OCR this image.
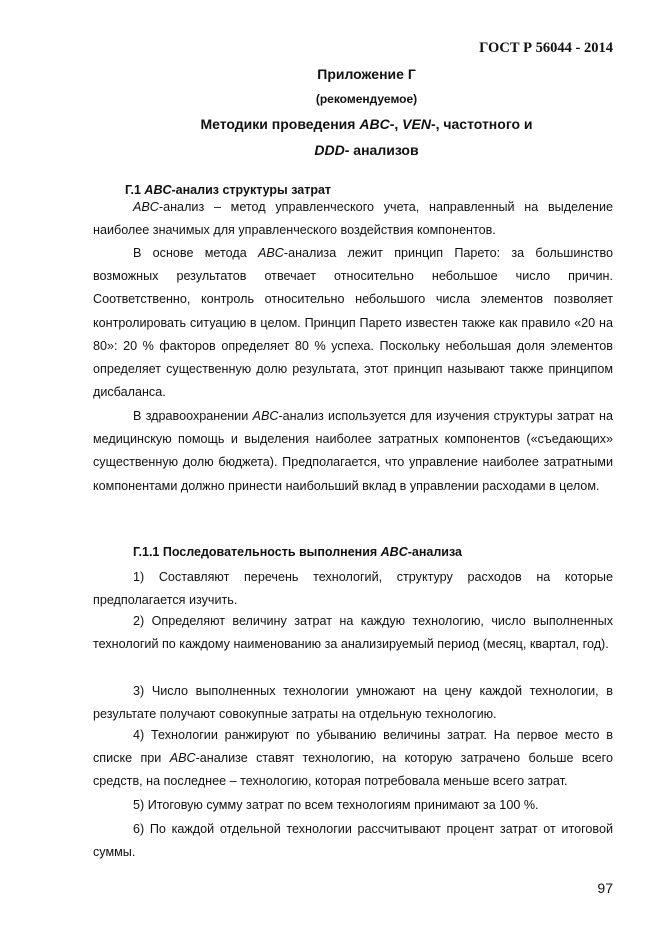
ГОСТ Р 56044 - 2014
Приложение Г
(рекомендуемое)
Методики проведения ABC-, VEN-, частотного и
DDD- анализов
Г.1 ABC-анализ структуры затрат

ABC-анализ – метод управленческого учета, направленный на выделение наиболее значимых для управленческого воздействия компонентов.

В основе метода ABC-анализа лежит принцип Парето: за большинство возможных результатов отвечает относительно небольшое число причин. Соответственно, контроль относительно небольшого числа элементов позволяет контролировать ситуацию в целом. Принцип Парето известен также как правило «20 на 80»: 20 % факторов определяет 80 % успеха. Поскольку небольшая доля элементов определяет существенную долю результата, этот принцип называют также принципом дисбаланса.

В здравоохранении ABC-анализ используется для изучения структуры затрат на медицинскую помощь и выделения наиболее затратных компонентов («съедающих» существенную долю бюджета). Предполагается, что управление наиболее затратными компонентами должно принести наибольший вклад в управлении расходами в целом.

Г.1.1 Последовательность выполнения ABC-анализа

1) Составляют перечень технологий, структуру расходов на которые предполагается изучить.

2) Определяют величину затрат на каждую технологию, число выполненных технологий по каждому наименованию за анализируемый период (месяц, квартал, год).

3) Число выполненных технологии умножают на цену каждой технологии, в результате получают совокупные затраты на отдельную технологию.

4) Технологии ранжируют по убыванию величины затрат. На первое место в списке при ABC-анализе ставят технологию, на которую затрачено больше всего средств, на последнее – технологию, которая потребовала меньше всего затрат.

5) Итоговую сумму затрат по всем технологиям принимают за 100 %.

6) По каждой отдельной технологии рассчитывают процент затрат от итоговой суммы.

97
